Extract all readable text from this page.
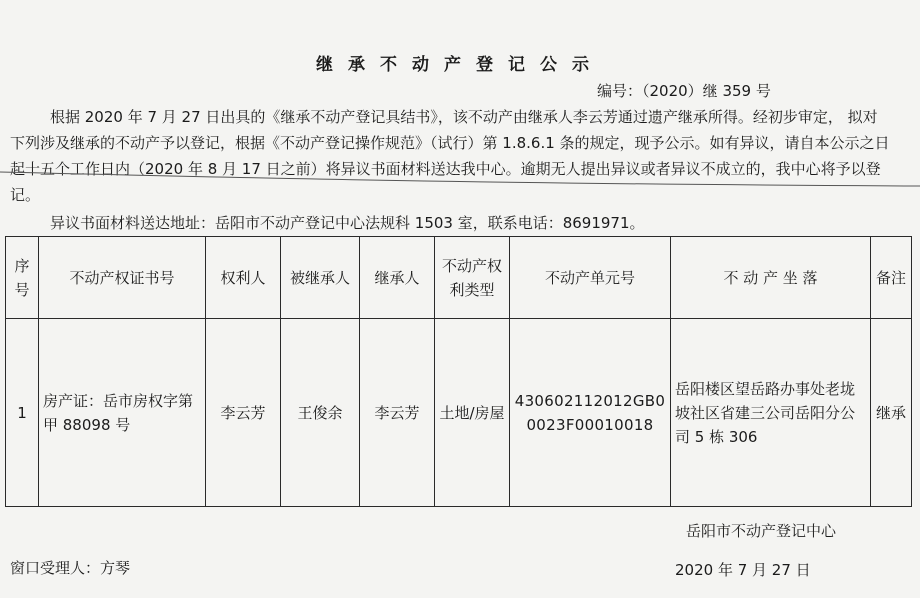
继承不动产登记公示
编号：（2020）继 359 号
根据 2020 年 7 月 27 日出具的《继承不动产登记具结书》，该不动产由继承人李云芳通过遗产继承所得。经初步审定， 拟对下列涉及继承的不动产予以登记，根据《不动产登记操作规范》（试行）第 1.8.6.1 条的规定，现予公示。如有异议，请自本公示之日起十五个工作日内（2020 年 8 月 17 日之前）将异议书面材料送达我中心。逾期无人提出异议或者异议不成立的，我中心将予以登记。
异议书面材料送达地址：岳阳市不动产登记中心法规科 1503 室，联系电话：8691971。
序号	不动产权证书号	权利人	被继承人	继承人	不动产权利类型	不动产单元号	不 动 产 坐 落	备注
1	房产证：岳市房权字第甲 88098 号	李云芳	王俊余	李云芳	土地/房屋	430602112012GB00023F00010018	岳阳楼区望岳路办事处老垅坡社区省建三公司岳阳分公司 5 栋 306	继承
岳阳市不动产登记中心
窗口受理人：方琴	2020 年 7 月 27 日
